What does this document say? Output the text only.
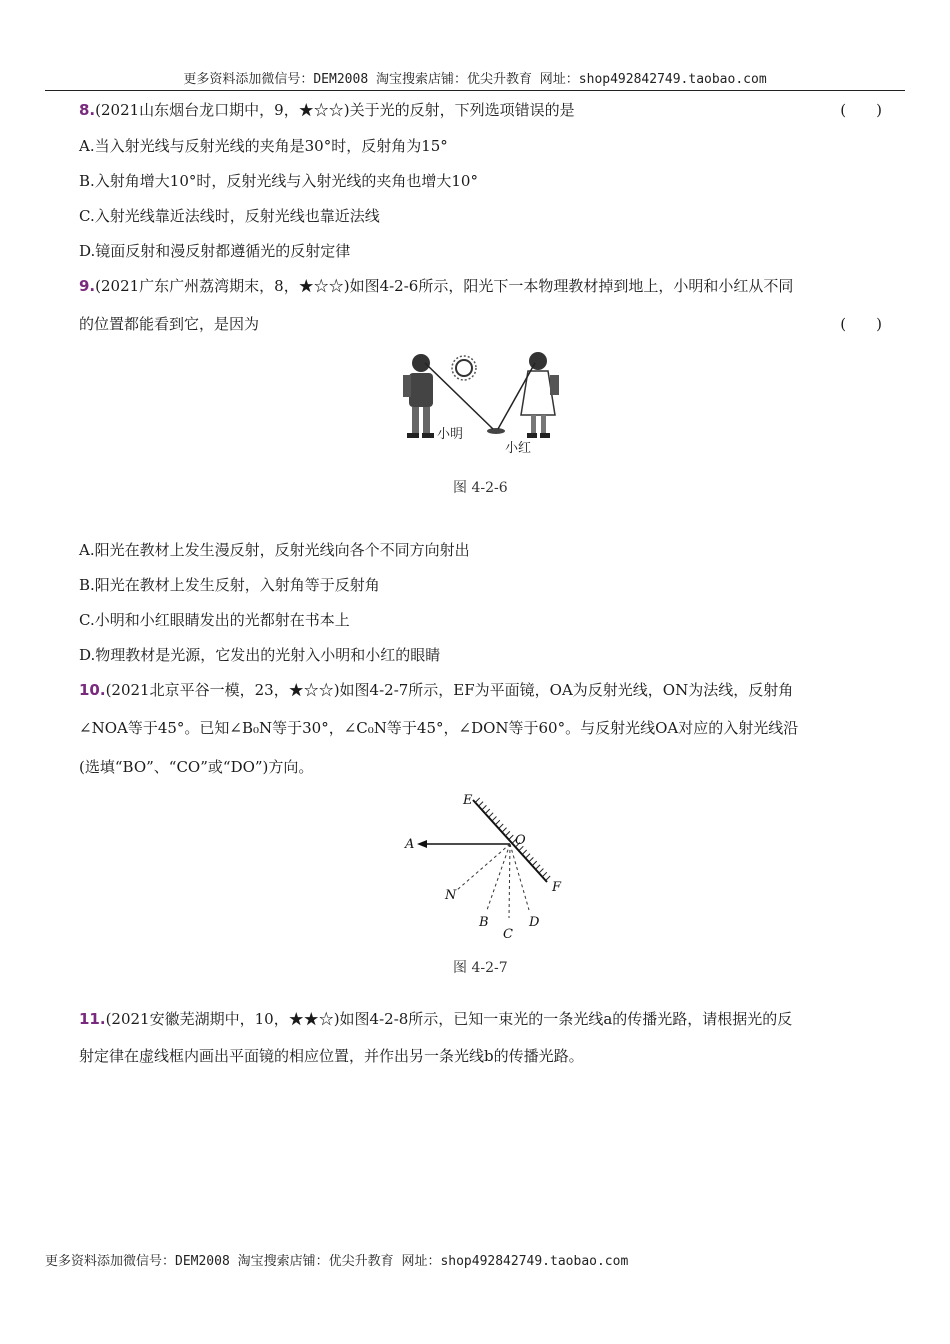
更多资料添加微信号：DEM2008 淘宝搜索店铺：优尖升教育 网址：shop492842749.taobao.com
8.(2021山东烟台龙口期中，9，★☆☆)关于光的反射，下列选项错误的是	(　　)
A.当入射光线与反射光线的夹角是30°时，反射角为15°
B.入射角增大10°时，反射光线与入射光线的夹角也增大10°
C.入射光线靠近法线时，反射光线也靠近法线
D.镜面反射和漫反射都遵循光的反射定律
9.(2021广东广州荔湾期末，8，★☆☆)如图4-2-6所示，阳光下一本物理教材掉到地上，小明和小红从不同
的位置都能看到它，是因为	(　　)
小明
小红
图 4-2-6
A.阳光在教材上发生漫反射，反射光线向各个不同方向射出
B.阳光在教材上发生反射，入射角等于反射角
C.小明和小红眼睛发出的光都射在书本上
D.物理教材是光源，它发出的光射入小明和小红的眼睛
10.(2021北京平谷一模，23，★☆☆)如图4-2-7所示，EF为平面镜，OA为反射光线，ON为法线，反射角
∠NOA等于45°。已知∠B₀N等于30°，∠C₀N等于45°，∠DON等于60°。与反射光线OA对应的入射光线沿
(选填“BO”、“CO”或“DO”)方向。
E
O
A
N
F
B
C
D
图 4-2-7
11.(2021安徽芜湖期中，10，★★☆)如图4-2-8所示，已知一束光的一条光线a的传播光路，请根据光的反
射定律在虚线框内画出平面镜的相应位置，并作出另一条光线b的传播光路。
更多资料添加微信号：DEM2008 淘宝搜索店铺：优尖升教育 网址：shop492842749.taobao.com
